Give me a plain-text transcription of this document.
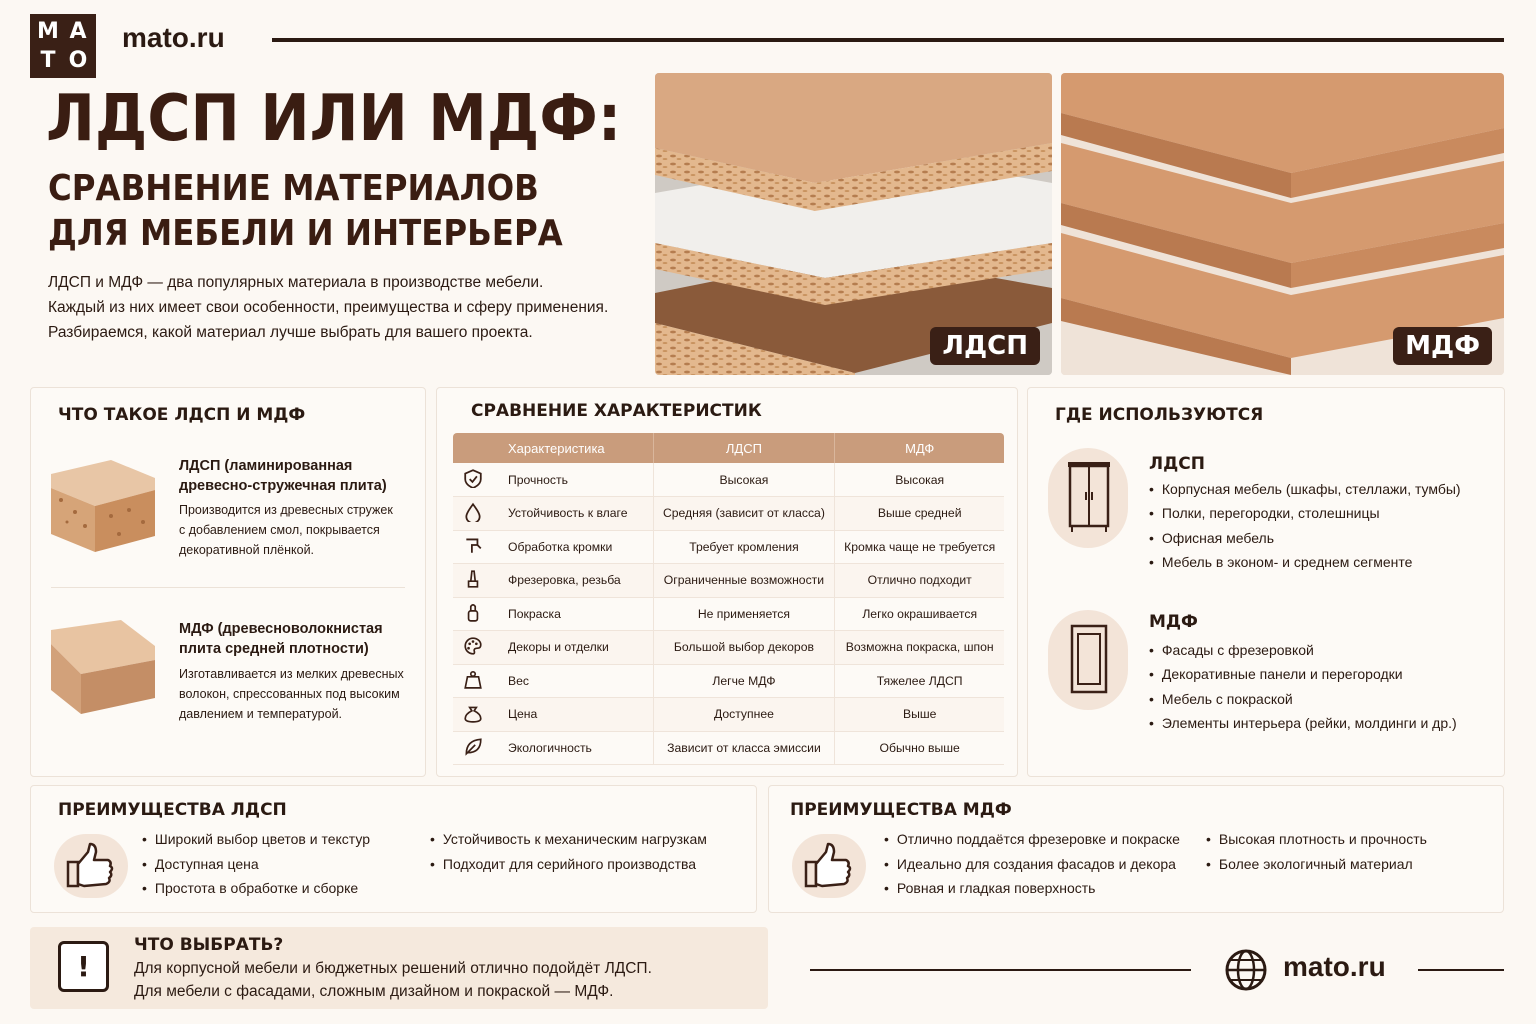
M A
T O
mato.ru
ЛДСП ИЛИ МДФ:
СРАВНЕНИЕ МАТЕРИАЛОВ
ДЛЯ МЕБЕЛИ И ИНТЕРЬЕРА
ЛДСП и МДФ — два популярных материала в производстве мебели.
Каждый из них имеет свои особенности, преимущества и сферу применения.
Разбираемся, какой материал лучше выбрать для вашего проекта.	ЛДСП	МДФ
ЧТО ТАКОЕ ЛДСП И МДФ
ЛДСП (ламинированная
древесно-стружечная плита)
Производится из древесных стружек
с добавлением смол, покрывается
декоративной плёнкой.
МДФ (древесноволокнистая
плита средней плотности)
Изготавливается из мелких древесных
волокон, спрессованных под высоким
давлением и температурой.
СРАВНЕНИЕ ХАРАКТЕРИСТИК
	Характеристика	ЛДСП	МДФ
	Прочность	Высокая	Высокая
	Устойчивость к влаге	Средняя (зависит от класса)	Выше средней
	Обработка кромки	Требует кромления	Кромка чаще не требуется
	Фрезеровка, резьба	Ограниченные возможности	Отлично подходит
	Покраска	Не применяется	Легко окрашивается
	Декоры и отделки	Большой выбор декоров	Возможна покраска, шпон
	Вес	Легче МДФ	Тяжелее ЛДСП
	Цена	Доступнее	Выше
	Экологичность	Зависит от класса эмиссии	Обычно выше
ГДЕ ИСПОЛЬЗУЮТСЯ
ЛДСП
• Корпусная мебель (шкафы, стеллажи, тумбы)
• Полки, перегородки, столешницы
• Офисная мебель
• Мебель в эконом- и среднем сегменте
МДФ
• Фасады с фрезеровкой
• Декоративные панели и перегородки
• Мебель с покраской
• Элементы интерьера (рейки, молдинги и др.)
ПРЕИМУЩЕСТВА ЛДСП
• Широкий выбор цветов и текстур
• Доступная цена
• Простота в обработке и сборке
• Устойчивость к механическим нагрузкам
• Подходит для серийного производства
ПРЕИМУЩЕСТВА МДФ
• Отлично поддаётся фрезеровке и покраске
• Идеально для создания фасадов и декора
• Ровная и гладкая поверхность
• Высокая плотность и прочность
• Более экологичный материал
!
ЧТО ВЫБРАТЬ?
Для корпусной мебели и бюджетных решений отлично подойдёт ЛДСП.
Для мебели с фасадами, сложным дизайном и покраской — МДФ.
mato.ru
